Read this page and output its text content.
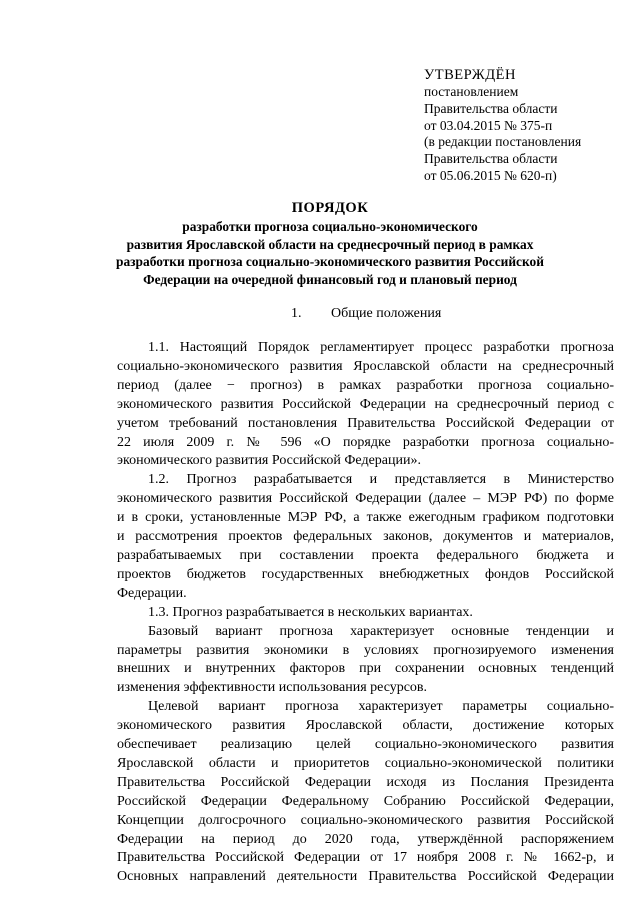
УТВЕРЖДЁН
постановлением
Правительства области
от 03.04.2015 № 375-п
(в редакции постановления
Правительства области
от 05.06.2015 № 620-п)
ПОРЯДОК
разработки прогноза социально-экономического
развития Ярославской области на среднесрочный период в рамках
разработки прогноза социально-экономического развития Российской
Федерации на очередной финансовый год и плановый период
1. Общие положения
1.1. Настоящий Порядок регламентирует процесс разработки прогноза
социально-экономического развития Ярославской области на среднесрочный
период (далее − прогноз) в рамках разработки прогноза социально-
экономического развития Российской Федерации на среднесрочный период с
учетом требований постановления Правительства Российской Федерации от
22 июля 2009 г. № 596 «О порядке разработки прогноза социально-
экономического развития Российской Федерации».
1.2. Прогноз разрабатывается и представляется в Министерство
экономического развития Российской Федерации (далее – МЭР РФ) по форме
и в сроки, установленные МЭР РФ, а также ежегодным графиком подготовки
и рассмотрения проектов федеральных законов, документов и материалов,
разрабатываемых при составлении проекта федерального бюджета и
проектов бюджетов государственных внебюджетных фондов Российской
Федерации.
1.3. Прогноз разрабатывается в нескольких вариантах.
Базовый вариант прогноза характеризует основные тенденции и
параметры развития экономики в условиях прогнозируемого изменения
внешних и внутренних факторов при сохранении основных тенденций
изменения эффективности использования ресурсов.
Целевой вариант прогноза характеризует параметры социально-
экономического развития Ярославской области, достижение которых
обеспечивает реализацию целей социально-экономического развития
Ярославской области и приоритетов социально-экономической политики
Правительства Российской Федерации исходя из Послания Президента
Российской Федерации Федеральному Собранию Российской Федерации,
Концепции долгосрочного социально-экономического развития Российской
Федерации на период до 2020 года, утверждённой распоряжением
Правительства Российской Федерации от 17 ноября 2008 г. № 1662-р, и
Основных направлений деятельности Правительства Российской Федерации
